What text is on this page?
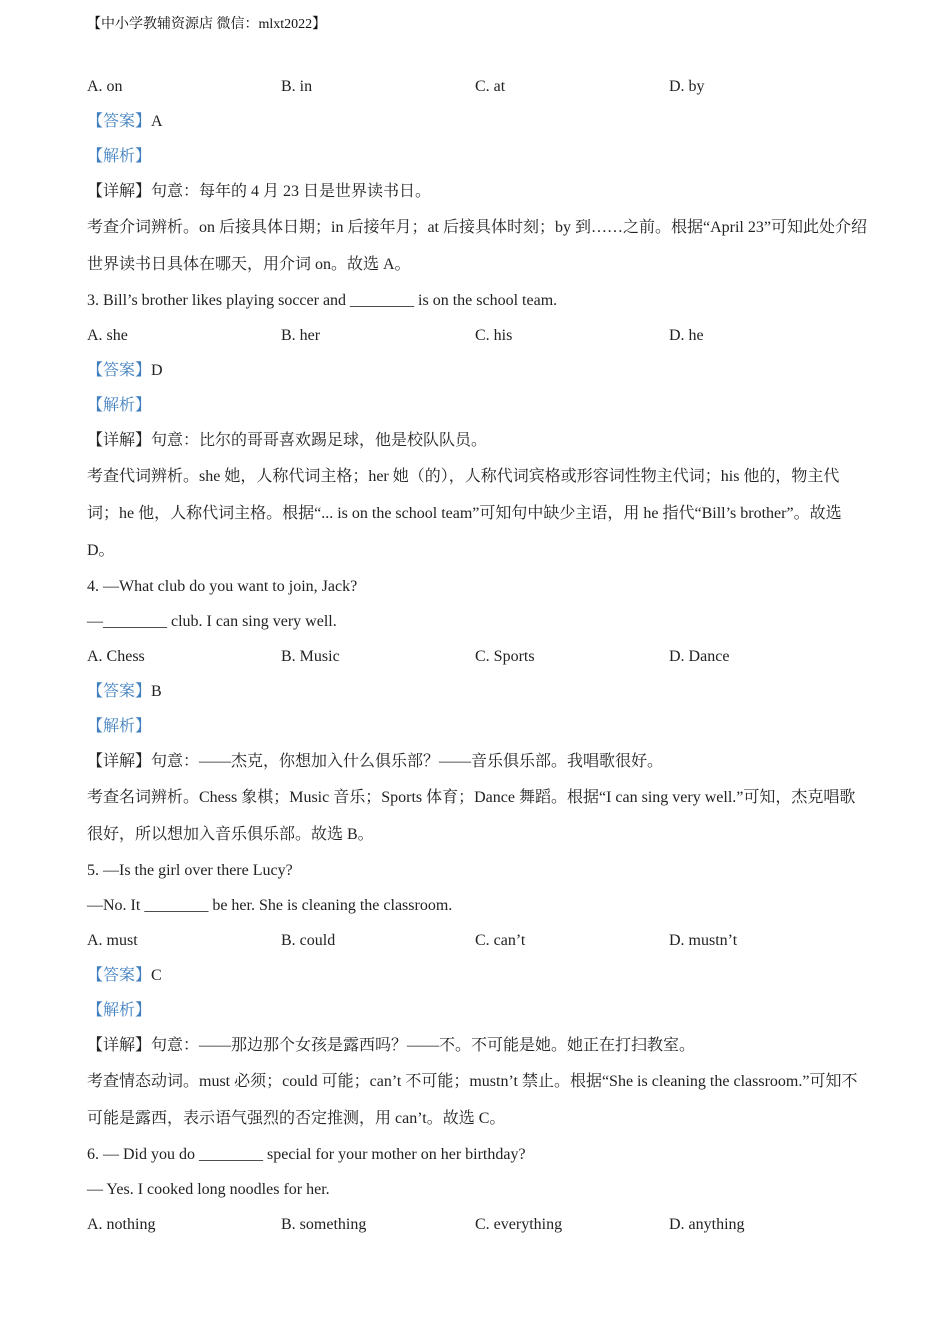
【中小学教辅资源店 微信：mlxt2022】
A. on	B. in	C. at	D. by
【答案】A
【解析】
【详解】句意：每年的 4 月 23 日是世界读书日。
考查介词辨析。on 后接具体日期；in 后接年月；at 后接具体时刻；by 到……之前。根据“April 23”可知此处介绍世界读书日具体在哪天，用介词 on。故选 A。
3. Bill’s brother likes playing soccer and ________ is on the school team.
A. she	B. her	C. his	D. he
【答案】D
【解析】
【详解】句意：比尔的哥哥喜欢踢足球，他是校队队员。
考查代词辨析。she 她，人称代词主格；her 她（的），人称代词宾格或形容词性物主代词；his 他的，物主代词；he 他，人称代词主格。根据“... is on the school team”可知句中缺少主语，用 he 指代“Bill’s brother”。故选 D。
4. —What club do you want to join, Jack?
—________ club. I can sing very well.
A. Chess	B. Music	C. Sports	D. Dance
【答案】B
【解析】
【详解】句意：——杰克，你想加入什么俱乐部？——音乐俱乐部。我唱歌很好。
考查名词辨析。Chess 象棋；Music 音乐；Sports 体育；Dance 舞蹈。根据“I can sing very well.”可知，杰克唱歌很好，所以想加入音乐俱乐部。故选 B。
5. —Is the girl over there Lucy?
—No. It ________ be her. She is cleaning the classroom.
A. must	B. could	C. can’t	D. mustn’t
【答案】C
【解析】
【详解】句意：——那边那个女孩是露西吗？——不。不可能是她。她正在打扫教室。
考查情态动词。must 必须；could 可能；can’t 不可能；mustn’t 禁止。根据“She is cleaning the classroom.”可知不可能是露西，表示语气强烈的否定推测，用 can’t。故选 C。
6. — Did you do ________ special for your mother on her birthday?
— Yes. I cooked long noodles for her.
A. nothing	B. something	C. everything	D. anything
